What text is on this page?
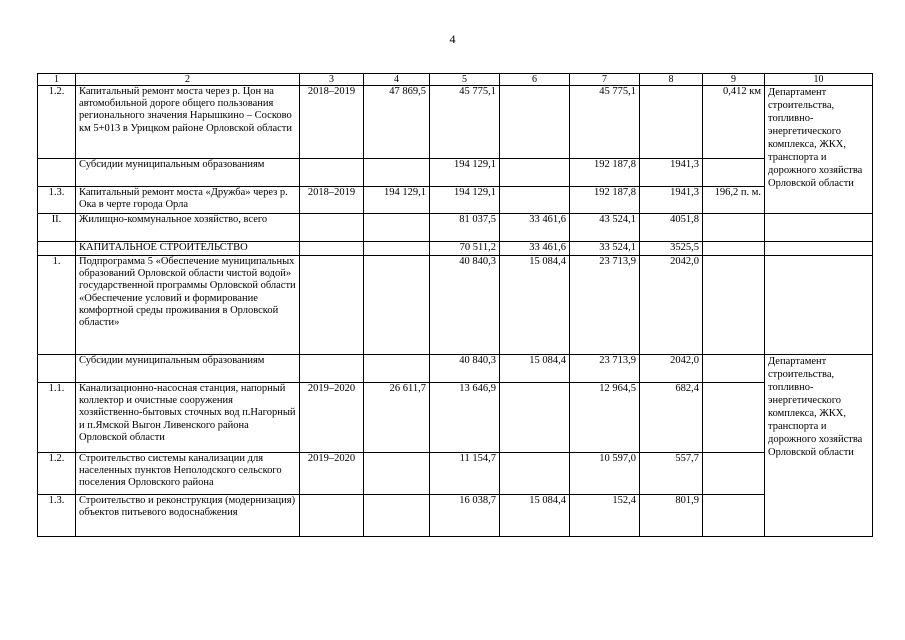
4
1	2	3	4	5	6	7	8	9	10
1.2.	Капитальный ремонт моста через р. Цон на автомобильной дороге общего пользования регионального значения Нарышкино – Сосково км 5+013 в Урицком районе Орловской области	2018–2019	47 869,5	45 775,1		45 775,1		0,412 км	Департамент строительства, топливно-энергетического комплекса, ЖКХ, транспорта и дорожного хозяйства Орловской области
	Субсидии муниципальным образованиям			194 129,1		192 187,8	1941,3		
1.3.	Капитальный ремонт моста «Дружба» через р. Ока в черте города Орла	2018–2019	194 129,1	194 129,1		192 187,8	1941,3	196,2 п. м.	
II.	Жилищно-коммунальное хозяйство, всего			81 037,5	33 461,6	43 524,1	4051,8		
	КАПИТАЛЬНОЕ СТРОИТЕЛЬСТВО			70 511,2	33 461,6	33 524,1	3525,5		
1.	Подпрограмма 5 «Обеспечение муниципальных образований Орловской области чистой водой» государственной программы Орловской области «Обеспечение условий и формирование комфортной среды проживания в Орловской области»			40 840,3	15 084,4	23 713,9	2042,0		
	Субсидии муниципальным образованиям			40 840,3	15 084,4	23 713,9	2042,0		Департамент строительства, топливно-энергетического комплекса, ЖКХ, транспорта и дорожного хозяйства Орловской области
1.1.	Канализационно-насосная станция, напорный коллектор и очистные сооружения хозяйственно-бытовых сточных вод п.Нагорный и п.Ямской Выгон Ливенского района Орловской области	2019–2020	26 611,7	13 646,9		12 964,5	682,4		
1.2.	Строительство системы канализации для населенных пунктов Неполодского сельского поселения Орловского района	2019–2020		11 154,7		10 597,0	557,7		
1.3.	Строительство и реконструкция (модернизация) объектов питьевого водоснабжения			16 038,7	15 084,4	152,4	801,9		
